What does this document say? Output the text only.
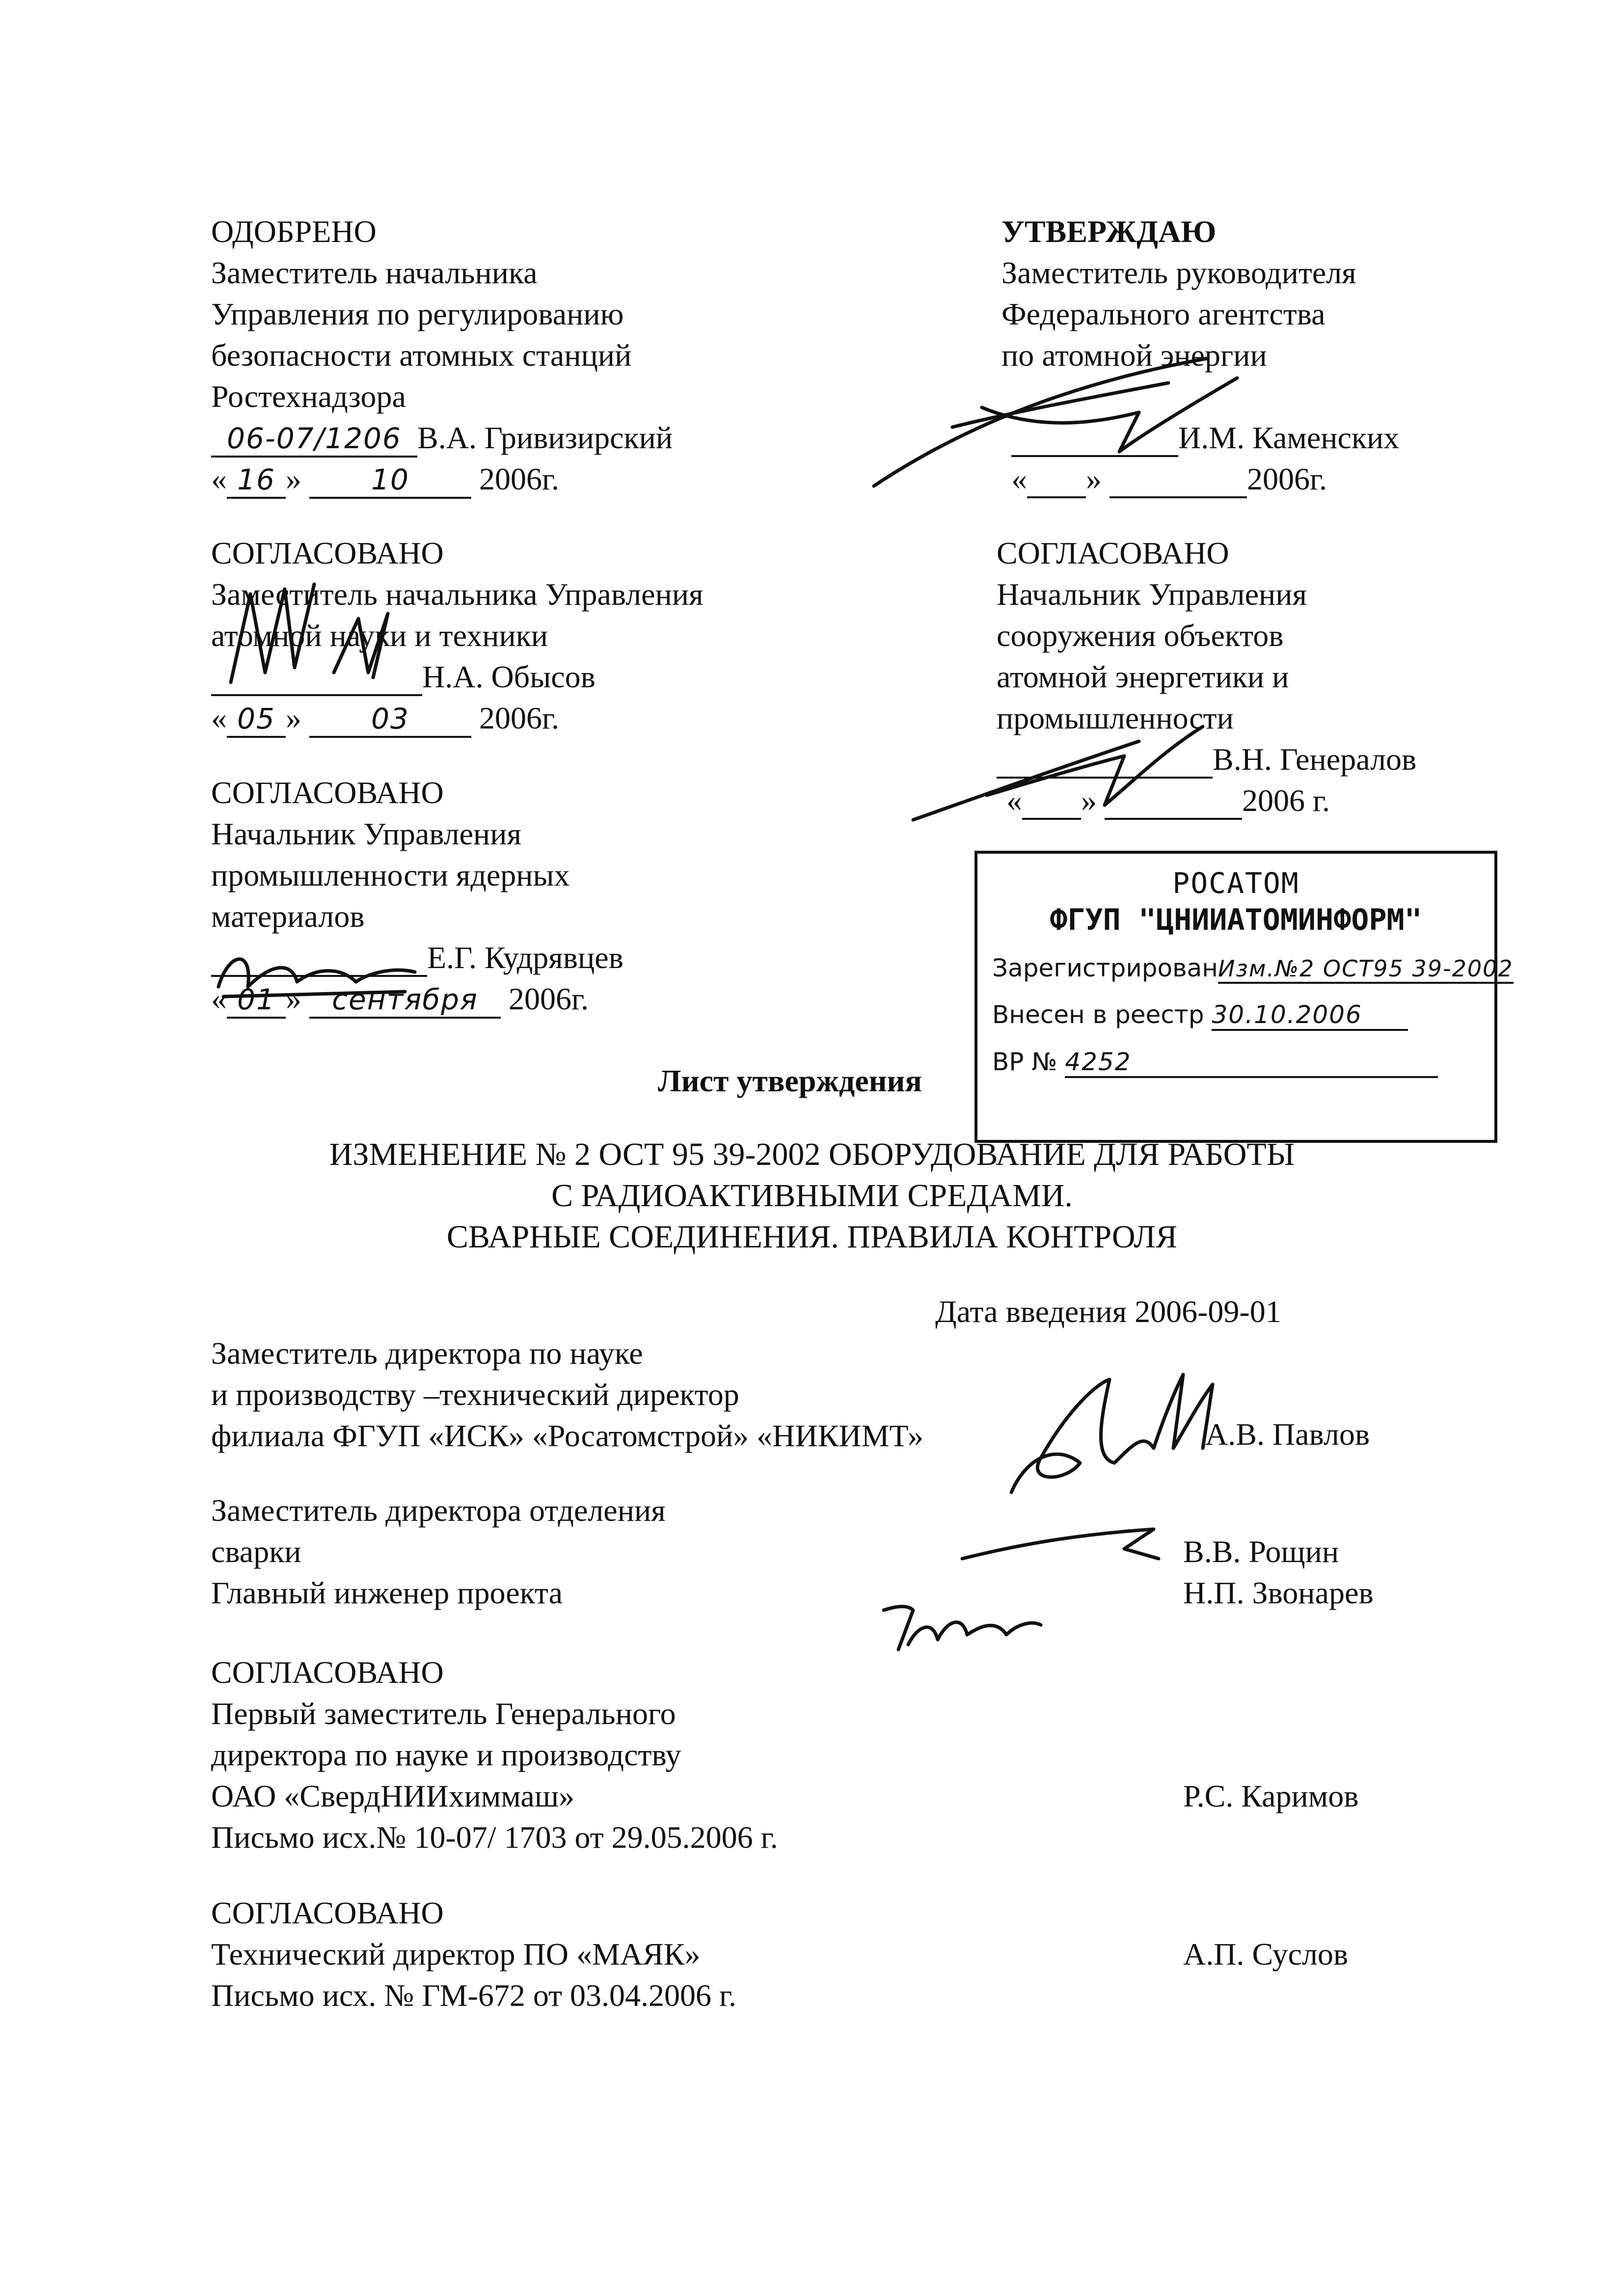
ОДОБРЕНО
Заместитель начальника
Управления по регулированию
безопасности атомных станций
Ростехнадзора
06-07/1206 В.А. Гривизирский
« 16 » 10 2006г.
УТВЕРЖДАЮ
Заместитель руководителя
Федерального агентства
по атомной энергии
И.М. Каменских
« »	2006г.
СОГЛАСОВАНО
Заместитель начальника Управления
атомной науки и техники
Н.А. Обысов
« 05 » 03 2006г.
СОГЛАСОВАНО
Начальник Управления
сооружения объектов
атомной энергетики и
промышленности
В.Н. Генералов
« »	2006 г.
СОГЛАСОВАНО
Начальник Управления
промышленности ядерных
материалов
Е.Г. Кудрявцев
« 01 » сентября 2006г.
РОСАТОМ
ФГУП "ЦНИИАТОМИНФОРМ"
ЗарегистрированИзм.№2 ОСТ95 39-2002
Внесен в реестр 30.10.2006
ВР № 4252
Лист утверждения
ИЗМЕНЕНИЕ № 2 ОСТ 95 39-2002 ОБОРУДОВАНИЕ ДЛЯ РАБОТЫ
С РАДИОАКТИВНЫМИ СРЕДАМИ.
СВАРНЫЕ СОЕДИНЕНИЯ. ПРАВИЛА КОНТРОЛЯ
Дата введения 2006-09-01
Заместитель директора по науке
и производству –технический директор
филиала ФГУП «ИСК» «Росатомстрой» «НИКИМТ»	А.В. Павлов
Заместитель директора отделения
сварки
Главный инженер проекта
В.В. Рощин
Н.П. Звонарев
СОГЛАСОВАНО
Первый заместитель Генерального
директора по науке и производству
ОАО «СвердНИИхиммаш»
Письмо исх.№ 10-07/ 1703 от 29.05.2006 г.
Р.С. Каримов
СОГЛАСОВАНО
Технический директор ПО «МАЯК»
Письмо исх. № ГМ-672 от 03.04.2006 г.
А.П. Суслов
